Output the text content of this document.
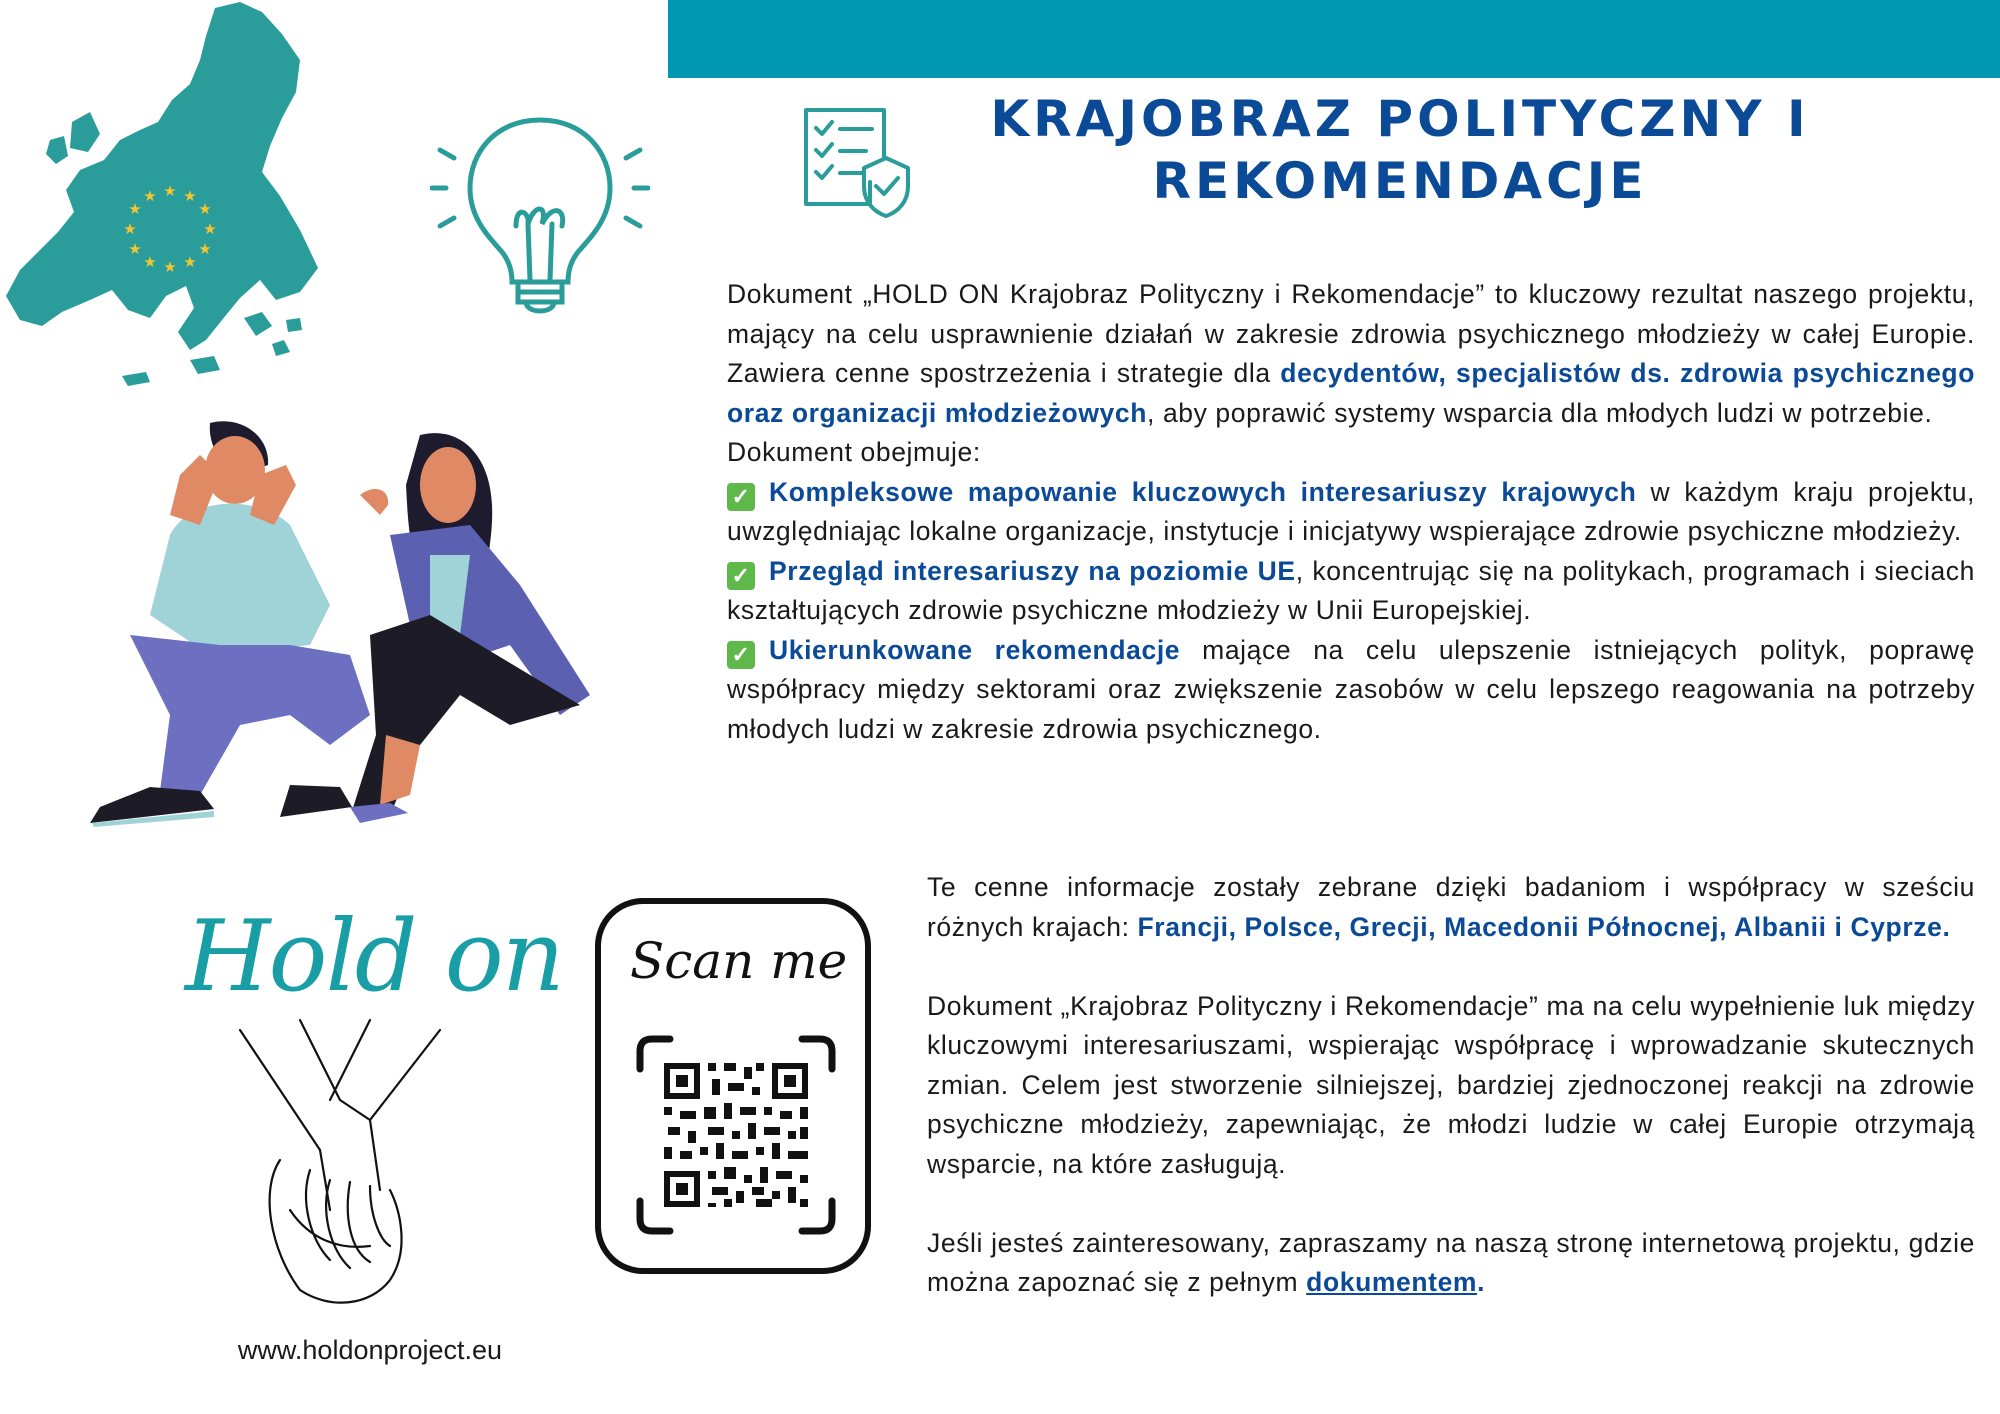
★ ★
★
★
★
★
★
★
★
★
★
★
KRAJOBRAZ POLITYCZNY I
REKOMENDACJE
Hold on Scan me
www.holdonproject.eu

Dokument „HOLD ON Krajobraz Polityczny i Rekomendacje” to kluczowy rezultat naszego projektu, mający na celu usprawnienie działań w zakresie zdrowia psychicznego młodzieży w całej Europie. Zawiera cenne spostrzeżenia i strategie dla decydentów, specjalistów ds. zdrowia psychicznego oraz organizacji młodzieżowych, aby poprawić systemy wsparcia dla młodych ludzi w potrzebie.

Dokument obejmuje:

✓ Kompleksowe mapowanie kluczowych interesariuszy krajowych w każdym kraju projektu, uwzględniając lokalne organizacje, instytucje i inicjatywy wspierające zdrowie psychiczne młodzieży.

✓ Przegląd interesariuszy na poziomie UE, koncentrując się na politykach, programach i sieciach kształtujących zdrowie psychiczne młodzieży w Unii Europejskiej.

✓ Ukierunkowane rekomendacje mające na celu ulepszenie istniejących polityk, poprawę współpracy między sektorami oraz zwiększenie zasobów w celu lepszego reagowania na potrzeby młodych ludzi w zakresie zdrowia psychicznego.

Te cenne informacje zostały zebrane dzięki badaniom i współpracy w sześciu różnych krajach: Francji, Polsce, Grecji, Macedonii Północnej, Albanii i Cyprze.

Dokument „Krajobraz Polityczny i Rekomendacje” ma na celu wypełnienie luk między kluczowymi interesariuszami, wspierając współpracę i wprowadzanie skutecznych zmian. Celem jest stworzenie silniejszej, bardziej zjednoczonej reakcji na zdrowie psychiczne młodzieży, zapewniając, że młodzi ludzie w całej Europie otrzymają wsparcie, na które zasługują.

Jeśli jesteś zainteresowany, zapraszamy na naszą stronę internetową projektu, gdzie można zapoznać się z pełnym dokumentem.
